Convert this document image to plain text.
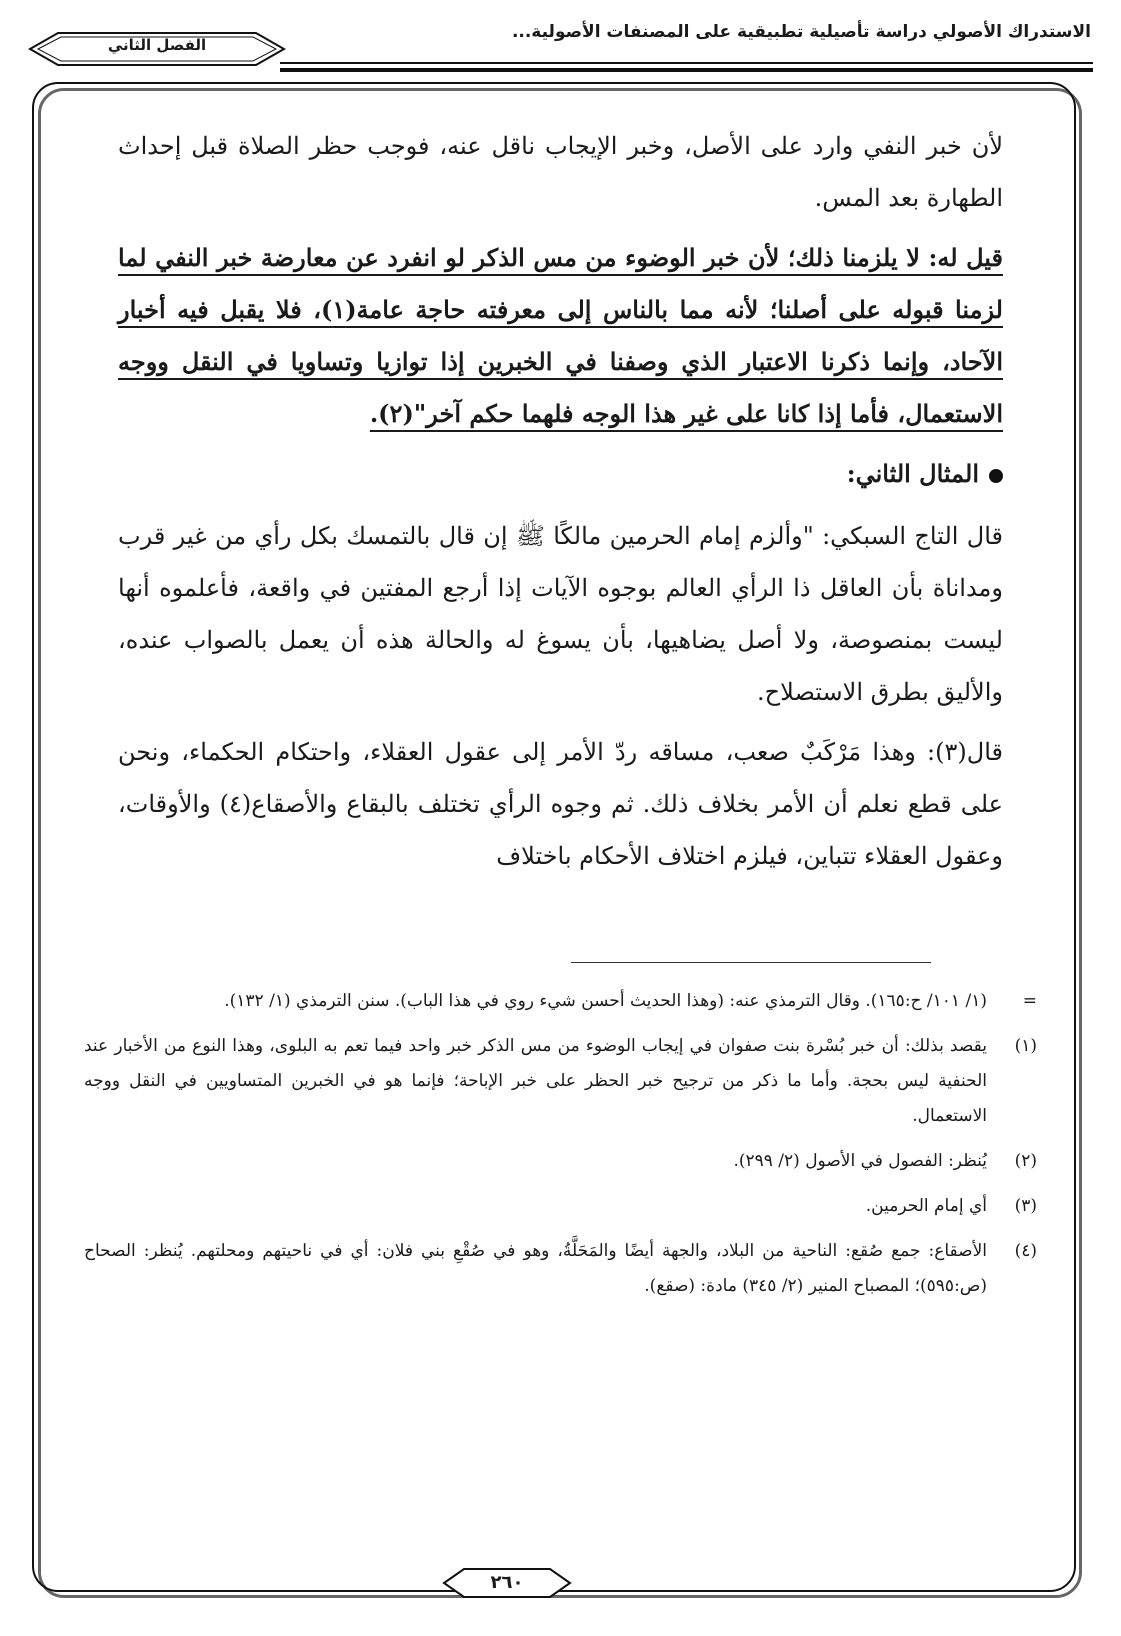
الاستدراك الأصولي دراسة تأصيلية تطبيقية على المصنفات الأصولية...
الفصل الثاني

لأن خبر النفي وارد على الأصل، وخبر الإيجاب ناقل عنه، فوجب حظر الصلاة قبل إحداث الطهارة بعد المس.

قيل له: لا يلزمنا ذلك؛ لأن خبر الوضوء من مس الذكر لو انفرد عن معارضة خبر النفي لما لزمنا قبوله على أصلنا؛ لأنه مما بالناس إلى معرفته حاجة عامة(١)، فلا يقبل فيه أخبار الآحاد، وإنما ذكرنا الاعتبار الذي وصفنا في الخبرين إذا توازيا وتساويا في النقل ووجه الاستعمال، فأما إذا كانا على غير هذا الوجه فلهما حكم آخر"(٢).

المثال الثاني:

قال التاج السبكي: "وألزم إمام الحرمين مالكًا ﷺ إن قال بالتمسك بكل رأي من غير قرب ومداناة بأن العاقل ذا الرأي العالم بوجوه الآيات إذا أرجع المفتين في واقعة، فأعلموه أنها ليست بمنصوصة، ولا أصل يضاهيها، بأن يسوغ له والحالة هذه أن يعمل بالصواب عنده، والأليق بطرق الاستصلاح.

قال(٣): وهذا مَرْكَبٌ صعب، مساقه ردّ الأمر إلى عقول العقلاء، واحتكام الحكماء، ونحن على قطع نعلم أن الأمر بخلاف ذلك. ثم وجوه الرأي تختلف بالبقاع والأصقاع(٤) والأوقات، وعقول العقلاء تتباين، فيلزم اختلاف الأحكام باختلاف

=
(١/ ١٠١/ ح:١٦٥). وقال الترمذي عنه: (وهذا الحديث أحسن شيء روي في هذا الباب). سنن الترمذي (١/ ١٣٢).
(١)
يقصد بذلك: أن خبر بُسْرة بنت صفوان في إيجاب الوضوء من مس الذكر خبر واحد فيما تعم به البلوى، وهذا النوع من الأخبار عند الحنفية ليس بحجة. وأما ما ذكر من ترجيح خبر الحظر على خبر الإباحة؛ فإنما هو في الخبرين المتساويين في النقل ووجه الاستعمال.
(٢)
يُنظر: الفصول في الأصول (٢/ ٢٩٩).
(٣)
أي إمام الحرمين.
(٤)
الأصقاع: جمع صُقع: الناحية من البلاد، والجهة أيضًا والمَحَلَّةُ، وهو في صُقْعِ بني فلان: أي في ناحيتهم ومحلتهم. يُنظر: الصحاح (ص:٥٩٥)؛ المصباح المنير (٢/ ٣٤٥) مادة: (صقع).
٢٦٠
